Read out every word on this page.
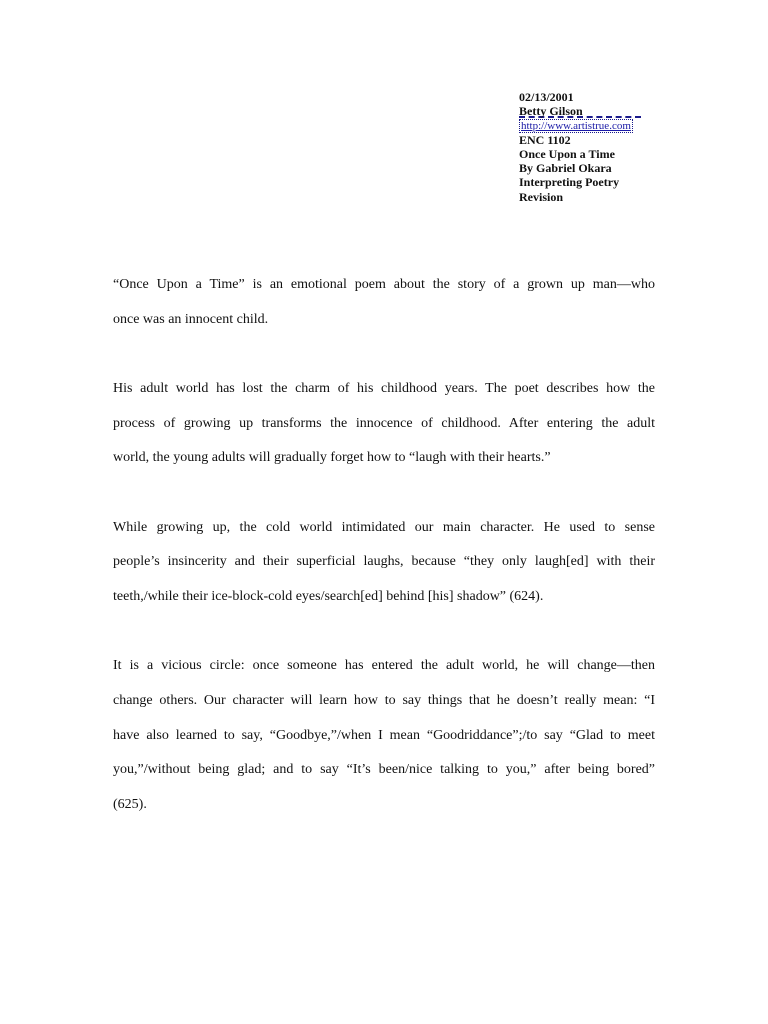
02/13/2001
Betty Gilson
http://www.artistrue.com
ENC 1102
Once Upon a Time
By Gabriel Okara
Interpreting Poetry
Revision
“Once Upon a Time” is an emotional poem about the story of a grown up man—who
once was an innocent child.
His adult world has lost the charm of his childhood years. The poet describes how the
process of growing up transforms the innocence of childhood. After entering the adult
world, the young adults will gradually forget how to “laugh with their hearts.”
While growing up, the cold world intimidated our main character. He used to sense
people’s insincerity and their superficial laughs, because “they only laugh[ed] with their
teeth,/while their ice-block-cold eyes/search[ed] behind [his] shadow” (624).
It is a vicious circle: once someone has entered the adult world, he will change—then
change others. Our character will learn how to say things that he doesn’t really mean: “I
have also learned to say, “Goodbye,”/when I mean “Goodriddance”;/to say “Glad to meet
you,”/without being glad; and to say “It’s been/nice talking to you,” after being bored”
(625).
